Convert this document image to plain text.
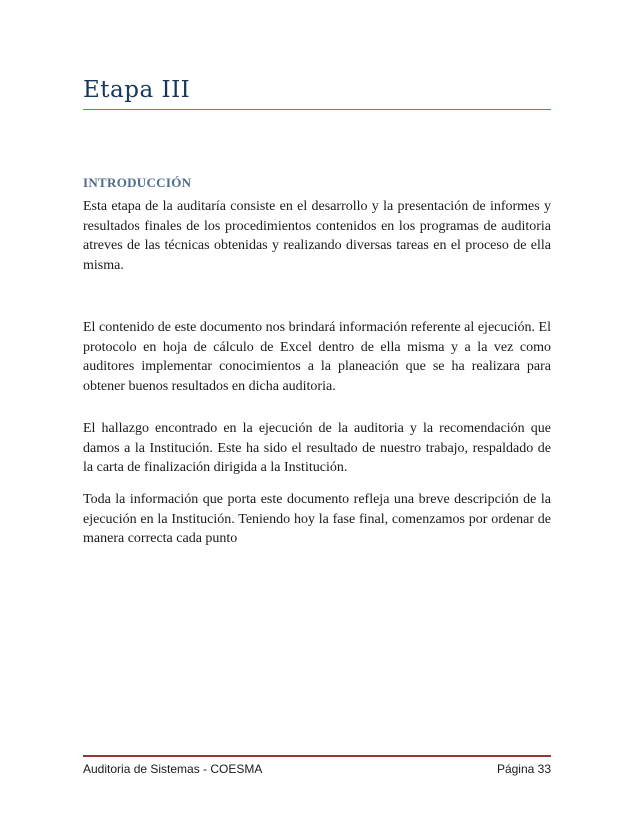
Etapa III
INTRODUCCIÓN

Esta etapa de la auditaría consiste en el desarrollo y la presentación de informes y resultados finales de los procedimientos contenidos en los programas de auditoria atreves de las técnicas obtenidas y realizando diversas tareas en el proceso de ella misma.

El contenido de este documento nos brindará información referente al ejecución. El protocolo en hoja de cálculo de Excel dentro de ella misma y a la vez como auditores implementar conocimientos a la planeación que se ha realizara para obtener buenos resultados en dicha auditoria.

El hallazgo encontrado en la ejecución de la auditoria y la recomendación que damos a la Institución. Este ha sido el resultado de nuestro trabajo, respaldado de la carta de finalización dirigida a la Institución.

Toda la información que porta este documento refleja una breve descripción de la ejecución en la Institución. Teniendo hoy la fase final, comenzamos por ordenar de manera correcta cada punto

Auditoria de Sistemas - COESMA	Página 33
